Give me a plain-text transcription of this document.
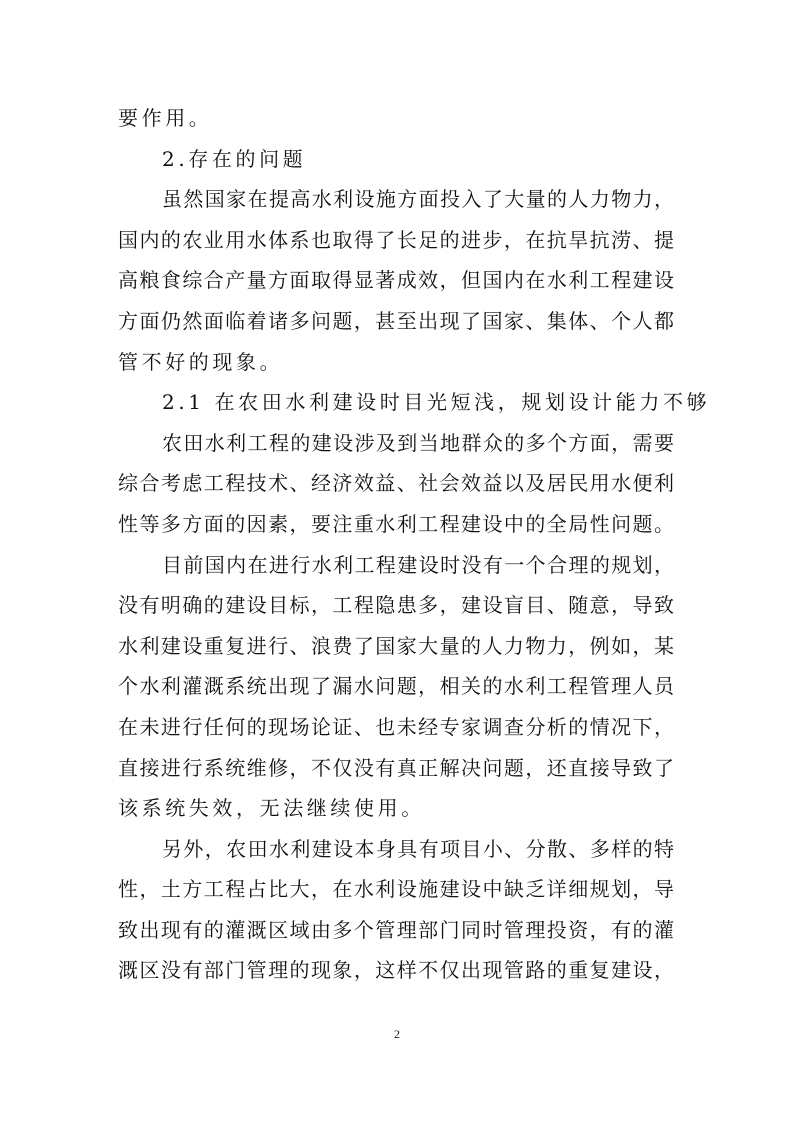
要作用。
2.存在的问题
虽然国家在提高水利设施方面投入了大量的人力物力，
国内的农业用水体系也取得了长足的进步，在抗旱抗涝、提
高粮食综合产量方面取得显著成效，但国内在水利工程建设
方面仍然面临着诸多问题，甚至出现了国家、集体、个人都
管不好的现象。
2.1 在农田水利建设时目光短浅，规划设计能力不够
农田水利工程的建设涉及到当地群众的多个方面，需要
综合考虑工程技术、经济效益、社会效益以及居民用水便利
性等多方面的因素，要注重水利工程建设中的全局性问题。
目前国内在进行水利工程建设时没有一个合理的规划，
没有明确的建设目标，工程隐患多，建设盲目、随意，导致
水利建设重复进行、浪费了国家大量的人力物力，例如，某
个水利灌溉系统出现了漏水问题，相关的水利工程管理人员
在未进行任何的现场论证、也未经专家调查分析的情况下，
直接进行系统维修，不仅没有真正解决问题，还直接导致了
该系统失效，无法继续使用。
另外，农田水利建设本身具有项目小、分散、多样的特
性，土方工程占比大，在水利设施建设中缺乏详细规划，导
致出现有的灌溉区域由多个管理部门同时管理投资，有的灌
溉区没有部门管理的现象，这样不仅出现管路的重复建设，
2
